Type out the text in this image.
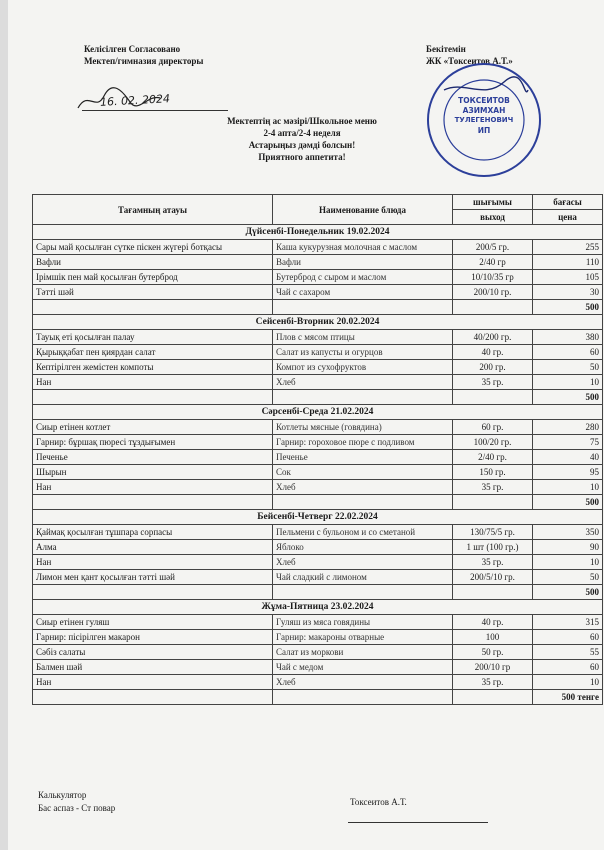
Келісілген Согласовано
Мектеп/гимназия директоры
16. 02. 2024
Бекітемін
ЖК «Токсеитов А.Т.»
ТОКСЕИТОВ
АЗИМХАН
ТУЛЕГЕНОВИЧ
ИП
Мектептің ас мәзірі/Школьное меню
2-4 апта/2-4 неделя
Астарыңыз дәмді болсын!
Приятного аппетита!
Тағамның атауы	Наименование блюда	шығымы	бағасы
		выход	цена
Дүйсенбі-Понедельник 19.02.2024			
Сары май қосылған сүтке піскен жүгері ботқасы	Каша кукурузная молочная с маслом	200/5 гр.	255
Вафли	Вафли	2/40 гр	110
Ірімшік пен май қосылған бутерброд	Бутерброд с сыром и маслом	10/10/35 гр	105
Тәтті шәй	Чай с сахаром	200/10 гр.	30
			500
Сейсенбі-Вторник 20.02.2024			
Тауық еті қосылған палау	Плов с мясом птицы	40/200 гр.	380
Қырыққабат пен қиярдан салат	Салат из капусты и огурцов	40 гр.	60
Кептірілген жемістен компоты	Компот из сухофруктов	200 гр.	50
Нан	Хлеб	35 гр.	10
			500
Сәрсенбі-Среда 21.02.2024			
Сиыр етінен котлет	Котлеты мясные (говядина)	60 гр.	280
Гарнир: бұршақ пюресі тұздығымен	Гарнир: гороховое пюре с подливом	100/20 гр.	75
Печенье	Печенье	2/40 гр.	40
Шырын	Сок	150 гр.	95
Нан	Хлеб	35 гр.	10
			500
Бейсенбі-Четверг 22.02.2024			
Қаймақ қосылған тұшпара сорпасы	Пельмени с бульоном и со сметаной	130/75/5 гр.	350
Алма	Яблоко	1 шт (100 гр.)	90
Нан	Хлеб	35 гр.	10
Лимон мен қант қосылған тәтті шәй	Чай сладкий с лимоном	200/5/10 гр.	50
			500
Жұма-Пятница 23.02.2024			
Сиыр етінен гуляш	Гуляш из мяса говядины	40 гр.	315
Гарнир: пісірілген макарон	Гарнир: макароны отварные	100	60
Сәбіз салаты	Салат из моркови	50 гр.	55
Балмен шәй	Чай с медом	200/10 гр	60
Нан	Хлеб	35 гр.	10
			500 тенге
Калькулятор
Бас аспаз - Ст повар
Токсеитов А.Т.
